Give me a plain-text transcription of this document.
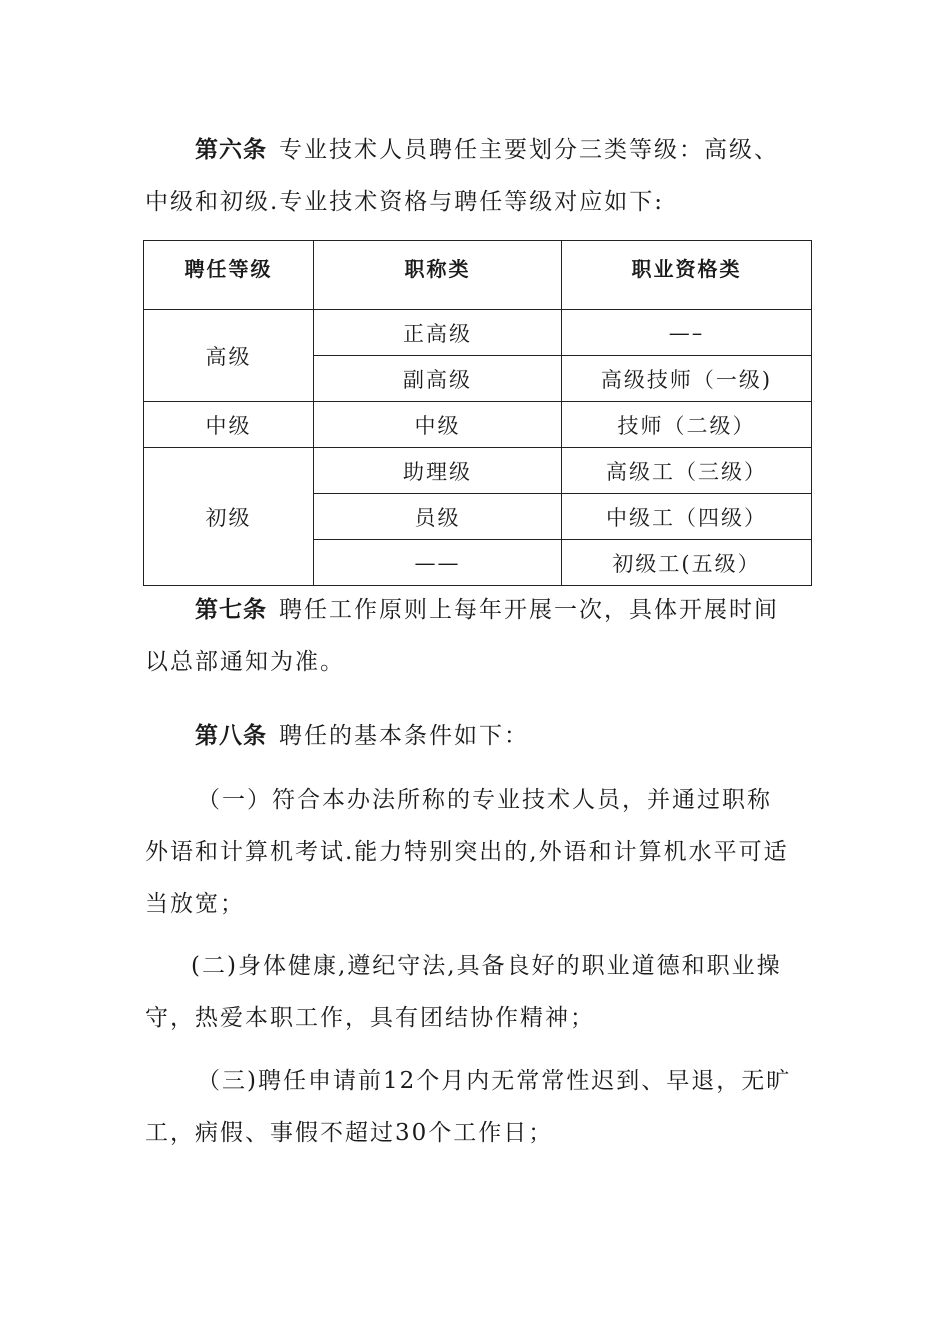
第六条 专业技术人员聘任主要划分三类等级：高级、
中级和初级.专业技术资格与聘任等级对应如下:
聘任等级	职称类	职业资格类
高级	正高级	—–
	副高级	高级技师（一级)
中级	中级	技师（二级）
初级	助理级	高级工（三级）
	员级	中级工（四级）
	——	初级工(五级）
第七条 聘任工作原则上每年开展一次，具体开展时间
以总部通知为准。
第八条 聘任的基本条件如下：
（一）符合本办法所称的专业技术人员，并通过职称
外语和计算机考试.能力特别突出的,外语和计算机水平可适
当放宽；
(二)身体健康,遵纪守法,具备良好的职业道德和职业操
守，热爱本职工作，具有团结协作精神；
（三)聘任申请前12个月内无常常性迟到、早退，无旷
工，病假、事假不超过30个工作日；
